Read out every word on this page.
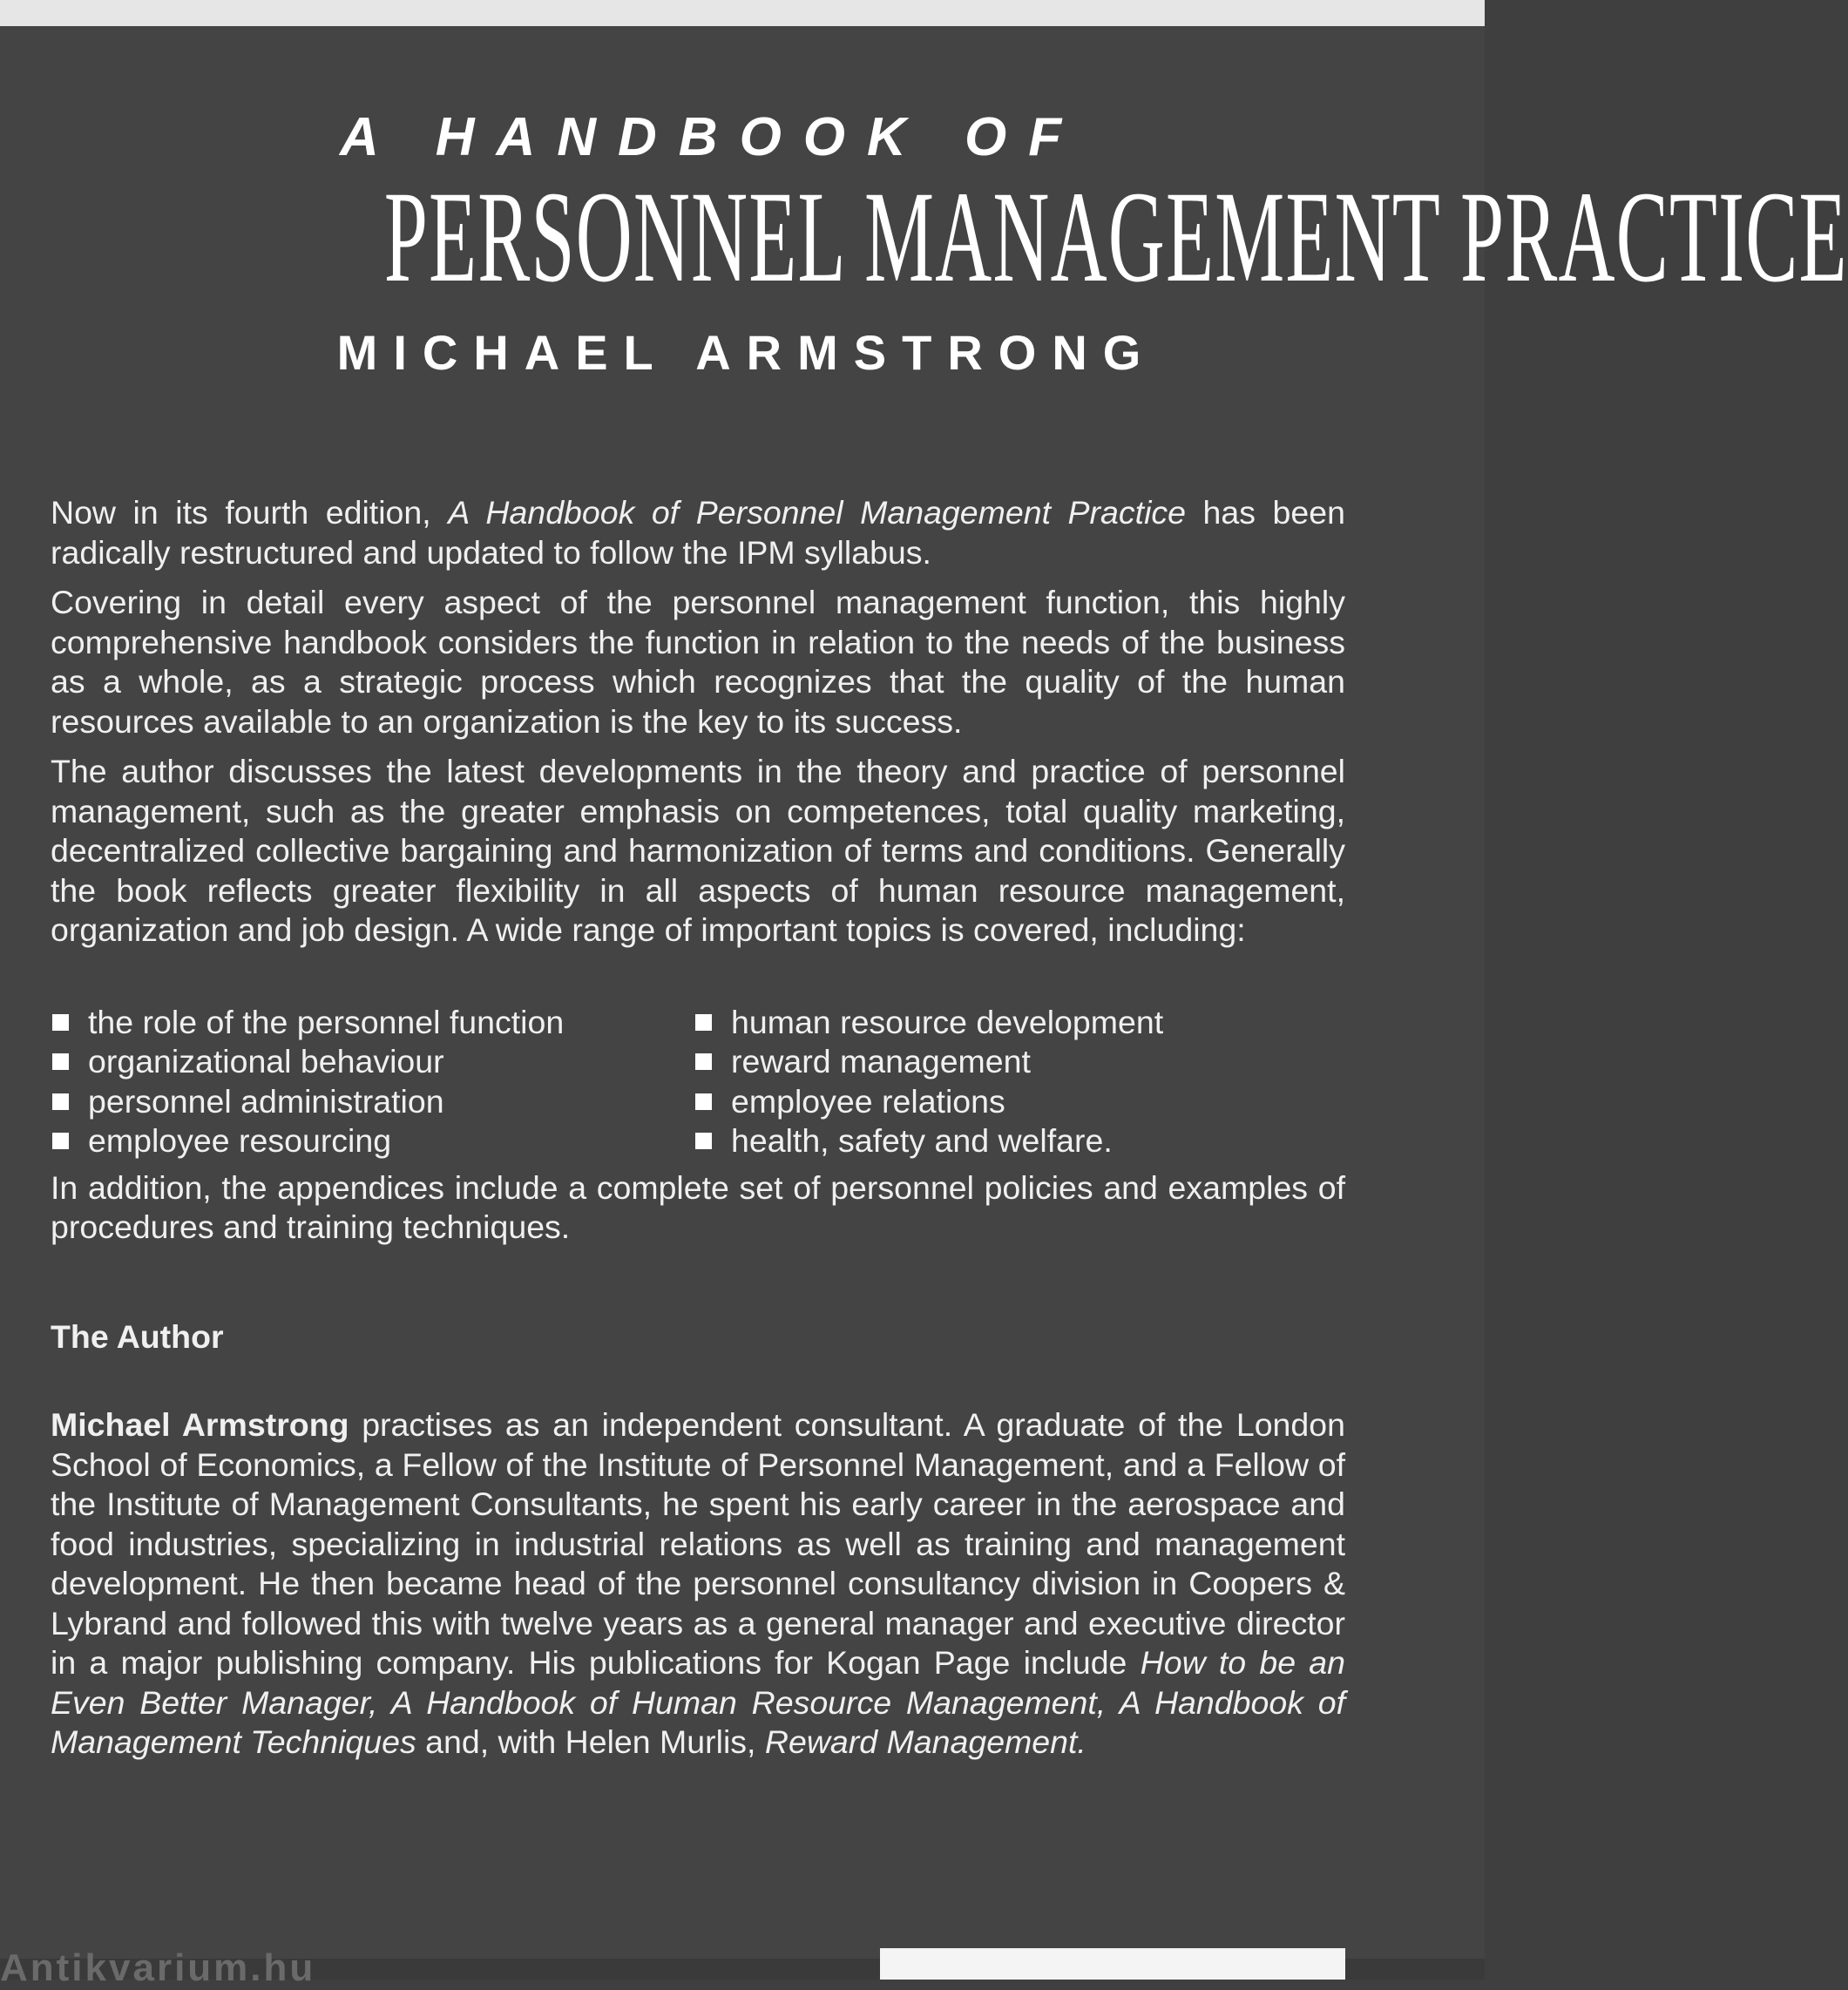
A HANDBOOK OF
PERSONNEL MANAGEMENT PRACTICE
MICHAEL ARMSTRONG

Now in its fourth edition, A Handbook of Personnel Management Practice has been radically restructured and updated to follow the IPM syllabus.

Covering in detail every aspect of the personnel management function, this highly comprehensive handbook considers the function in relation to the needs of the business as a whole, as a strategic process which recognizes that the quality of the human resources available to an organization is the key to its success.

The author discusses the latest developments in the theory and practice of personnel management, such as the greater emphasis on competences, total quality marketing, decentralized collective bargaining and harmonization of terms and conditions. Generally the book reflects greater flexibility in all aspects of human resource management, organization and job design. A wide range of important topics is covered, including:

the role of the personnel function
organizational behaviour
personnel administration
employee resourcing
human resource development
reward management
employee relations
health, safety and welfare.

In addition, the appendices include a complete set of personnel policies and examples of procedures and training techniques.

The Author

Michael Armstrong practises as an independent consultant. A graduate of the London School of Economics, a Fellow of the Institute of Personnel Management, and a Fellow of the Institute of Management Consultants, he spent his early career in the aerospace and food industries, specializing in industrial relations as well as training and management development. He then became head of the personnel consultancy division in Coopers & Lybrand and followed this with twelve years as a general manager and executive director in a major publishing company. His publications for Kogan Page include How to be an Even Better Manager, A Handbook of Human Resource Management, A Handbook of Management Techniques and, with Helen Murlis, Reward Management.

Antikvarium.hu
